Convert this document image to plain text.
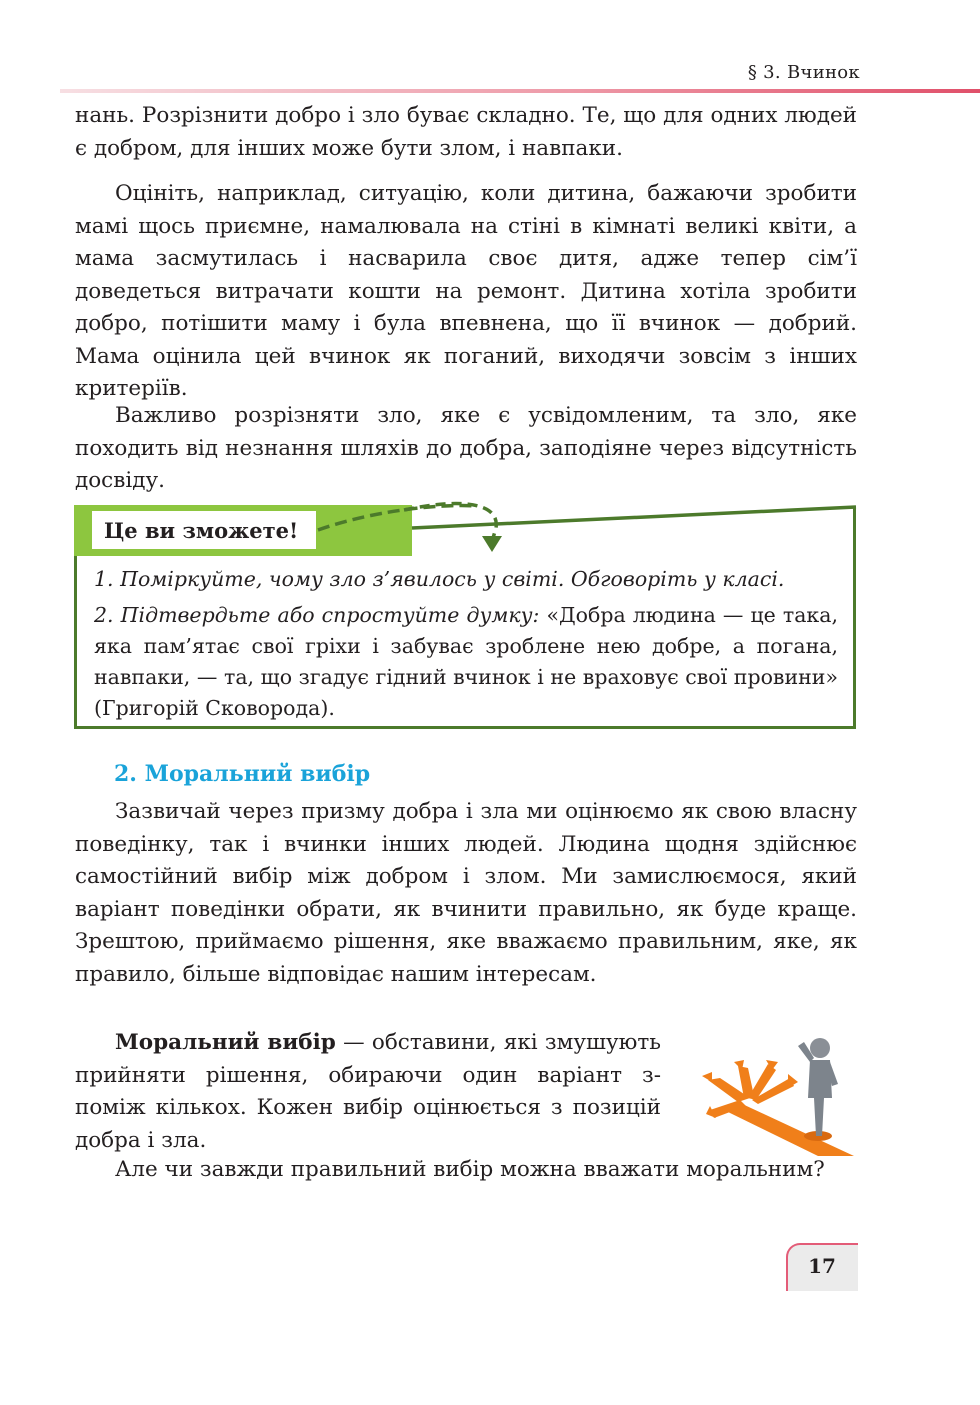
§ 3. Вчинок

нань. Розрізнити добро і зло буває складно. Те, що для одних людей є добром, для інших може бути злом, і навпаки.

Оцініть, наприклад, ситуацію, коли дитина, бажаючи зробити мамі щось приємне, намалювала на стіні в кімнаті великі квіти, а мама засмутилась і насварила своє дитя, адже тепер сім’ї доведеться витрачати кошти на ремонт. Дитина хотіла зробити добро, потішити маму і була впевнена, що її вчинок — добрий. Мама оцінила цей вчинок як поганий, виходячи зовсім з інших критеріїв.

Важливо розрізняти зло, яке є усвідомленим, та зло, яке походить від незнання шляхів до добра, заподіяне через відсутність досвіду.

Це ви зможете!

1. Поміркуйте, чому зло з’явилось у світі. Обговоріть у класі.

2. Підтвердьте або спростуйте думку: «Добра людина — це така, яка пам’ятає свої гріхи і забуває зроблене нею добре, а погана, навпаки, — та, що згадує гідний вчинок і не враховує свої провини» (Григорій Сковорода).

2. Моральний вибір

Зазвичай через призму добра і зла ми оцінюємо як свою власну поведінку, так і вчинки інших людей. Людина щодня здійснює самостійний вибір між добром і злом. Ми замислюємося, який варіант поведінки обрати, як вчинити правильно, як буде краще. Зрештою, приймаємо рішення, яке вважаємо правильним, яке, як правило, більше відповідає нашим інтересам.

Моральний вибір — обставини, які змушують прийняти рішення, обираючи один варіант з-поміж кількох. Кожен вибір оцінюється з позицій добра і зла.

Але чи завжди правильний вибір можна вважати моральним?

17
